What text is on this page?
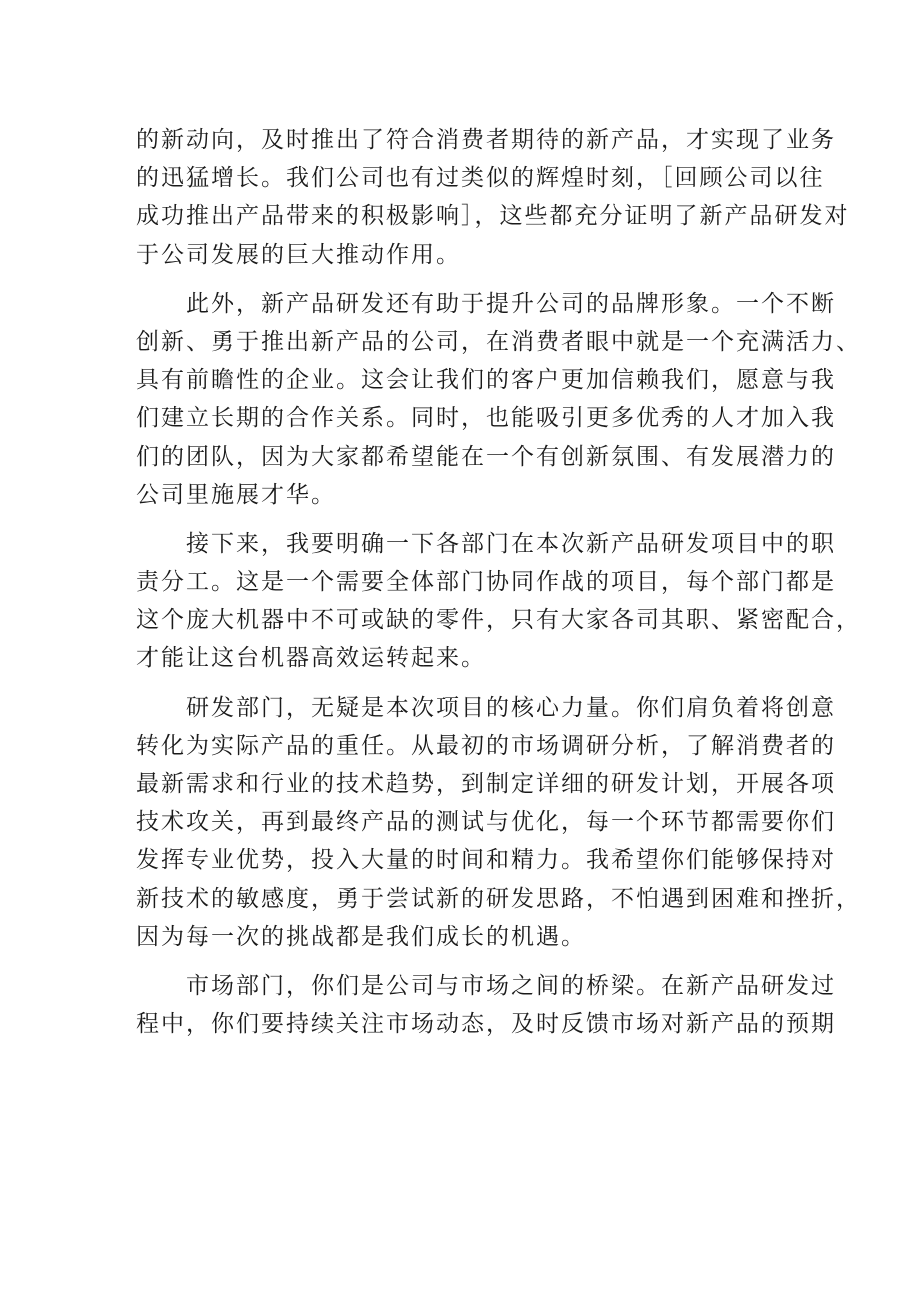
的新动向，及时推出了符合消费者期待的新产品，才实现了业务
的迅猛增长。我们公司也有过类似的辉煌时刻，［回顾公司以往
成功推出产品带来的积极影响］，这些都充分证明了新产品研发对
于公司发展的巨大推动作用。
　　此外，新产品研发还有助于提升公司的品牌形象。一个不断
创新、勇于推出新产品的公司，在消费者眼中就是一个充满活力、
具有前瞻性的企业。这会让我们的客户更加信赖我们，愿意与我
们建立长期的合作关系。同时，也能吸引更多优秀的人才加入我
们的团队，因为大家都希望能在一个有创新氛围、有发展潜力的
公司里施展才华。
　　接下来，我要明确一下各部门在本次新产品研发项目中的职
责分工。这是一个需要全体部门协同作战的项目，每个部门都是
这个庞大机器中不可或缺的零件，只有大家各司其职、紧密配合，
才能让这台机器高效运转起来。
　　研发部门，无疑是本次项目的核心力量。你们肩负着将创意
转化为实际产品的重任。从最初的市场调研分析，了解消费者的
最新需求和行业的技术趋势，到制定详细的研发计划，开展各项
技术攻关，再到最终产品的测试与优化，每一个环节都需要你们
发挥专业优势，投入大量的时间和精力。我希望你们能够保持对
新技术的敏感度，勇于尝试新的研发思路，不怕遇到困难和挫折，
因为每一次的挑战都是我们成长的机遇。
　　市场部门，你们是公司与市场之间的桥梁。在新产品研发过
程中，你们要持续关注市场动态，及时反馈市场对新产品的预期
